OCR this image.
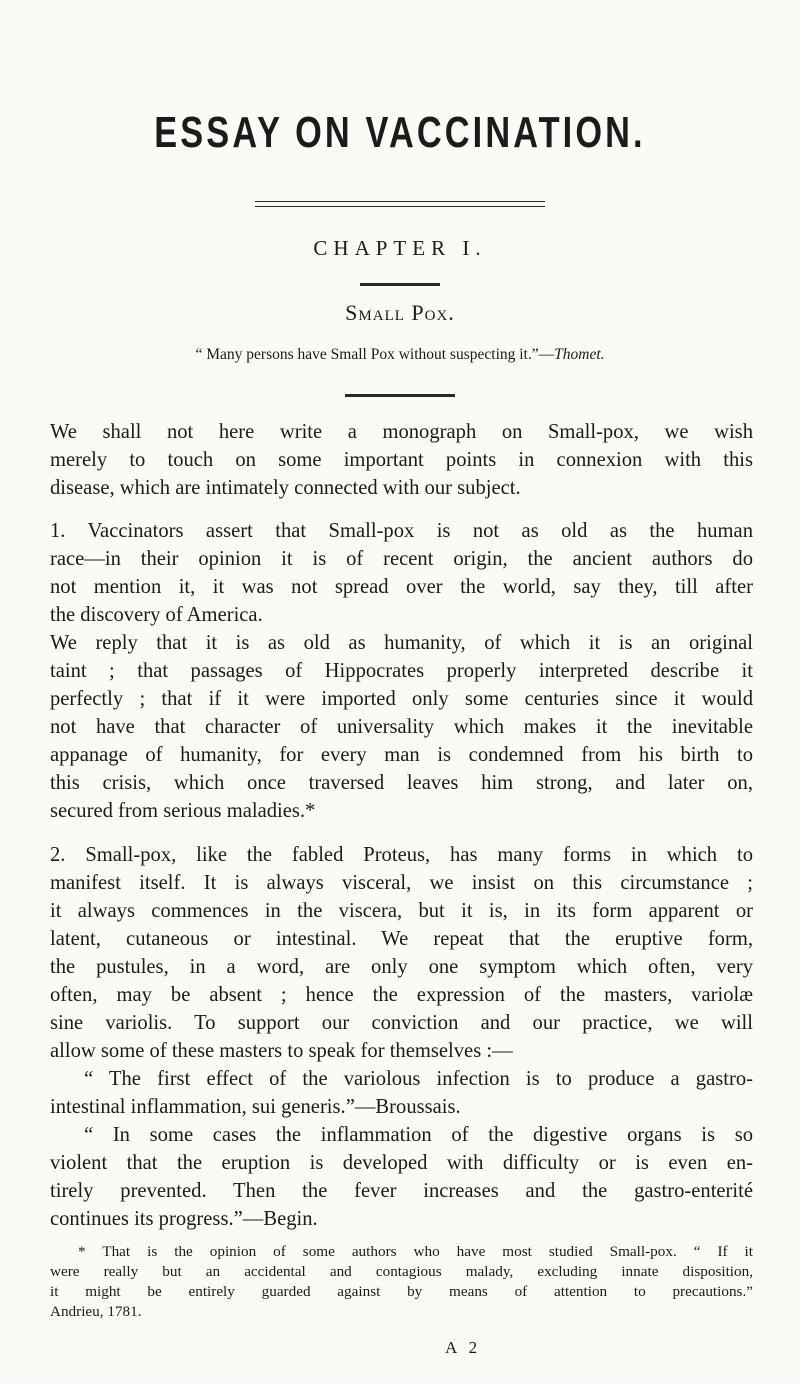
ESSAY ON VACCINATION.
CHAPTER I.
Small Pox.
“ Many persons have Small Pox without suspecting it.”—Thomet.
We shall not here write a monograph on Small-pox, we wish
merely to touch on some important points in connexion with this
disease, which are intimately connected with our subject.
1. Vaccinators assert that Small-pox is not as old as the human
race—in their opinion it is of recent origin, the ancient authors do
not mention it, it was not spread over the world, say they, till after
the discovery of America.
We reply that it is as old as humanity, of which it is an original
taint ; that passages of Hippocrates properly interpreted describe it
perfectly ; that if it were imported only some centuries since it would
not have that character of universality which makes it the inevitable
appanage of humanity, for every man is condemned from his birth to
this crisis, which once traversed leaves him strong, and later on,
secured from serious maladies.*
2. Small-pox, like the fabled Proteus, has many forms in which to
manifest itself. It is always visceral, we insist on this circumstance ;
it always commences in the viscera, but it is, in its form apparent or
latent, cutaneous or intestinal. We repeat that the eruptive form,
the pustules, in a word, are only one symptom which often, very
often, may be absent ; hence the expression of the masters, variolæ
sine variolis. To support our conviction and our practice, we will
allow some of these masters to speak for themselves :—
“ The first effect of the variolous infection is to produce a gastro-
intestinal inflammation, sui generis.”—Broussais.
“ In some cases the inflammation of the digestive organs is so
violent that the eruption is developed with difficulty or is even en-
tirely prevented. Then the fever increases and the gastro-enterité
continues its progress.”—Begin.
* That is the opinion of some authors who have most studied Small-pox. “ If it
were really but an accidental and contagious malady, excluding innate disposition,
it might be entirely guarded against by means of attention to precautions.”
Andrieu, 1781.
A 2
